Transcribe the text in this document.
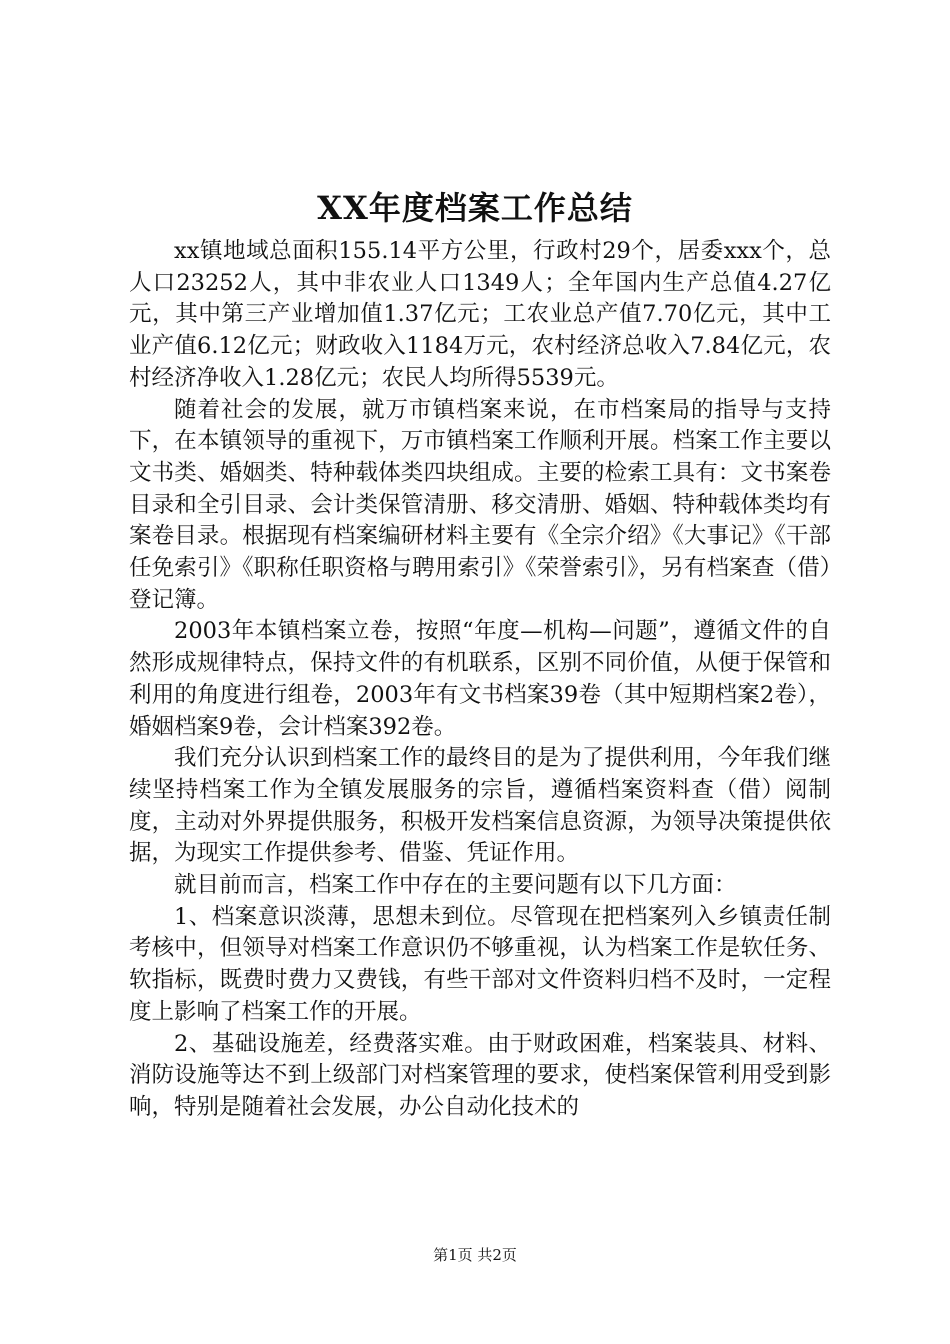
XX年度档案工作总结

xx镇地域总面积155.14平方公里，行政村29个，居委xxx个，总人口23252人，其中非农业人口1349人；全年国内生产总值4.27亿元，其中第三产业增加值1.37亿元；工农业总产值7.70亿元，其中工业产值6.12亿元；财政收入1184万元，农村经济总收入7.84亿元，农村经济净收入1.28亿元；农民人均所得5539元。

随着社会的发展，就万市镇档案来说，在市档案局的指导与支持下，在本镇领导的重视下，万市镇档案工作顺利开展。档案工作主要以文书类、婚姻类、特种载体类四块组成。主要的检索工具有：文书案卷目录和全引目录、会计类保管清册、移交清册、婚姻、特种载体类均有案卷目录。根据现有档案编研材料主要有《全宗介绍》《大事记》《干部任免索引》《职称任职资格与聘用索引》《荣誉索引》，另有档案查（借）登记簿。

2003年本镇档案立卷，按照“年度—机构—问题”，遵循文件的自然形成规律特点，保持文件的有机联系，区别不同价值，从便于保管和利用的角度进行组卷，2003年有文书档案39卷（其中短期档案2卷），婚姻档案9卷，会计档案392卷。

我们充分认识到档案工作的最终目的是为了提供利用，今年我们继续坚持档案工作为全镇发展服务的宗旨，遵循档案资料查（借）阅制度，主动对外界提供服务，积极开发档案信息资源，为领导决策提供依据，为现实工作提供参考、借鉴、凭证作用。

就目前而言，档案工作中存在的主要问题有以下几方面：

1、档案意识淡薄，思想未到位。尽管现在把档案列入乡镇责任制考核中，但领导对档案工作意识仍不够重视，认为档案工作是软任务、软指标，既费时费力又费钱，有些干部对文件资料归档不及时，一定程度上影响了档案工作的开展。

2、基础设施差，经费落实难。由于财政困难，档案装具、材料、消防设施等达不到上级部门对档案管理的要求，使档案保管利用受到影响，特别是随着社会发展，办公自动化技术的

第1页 共2页
